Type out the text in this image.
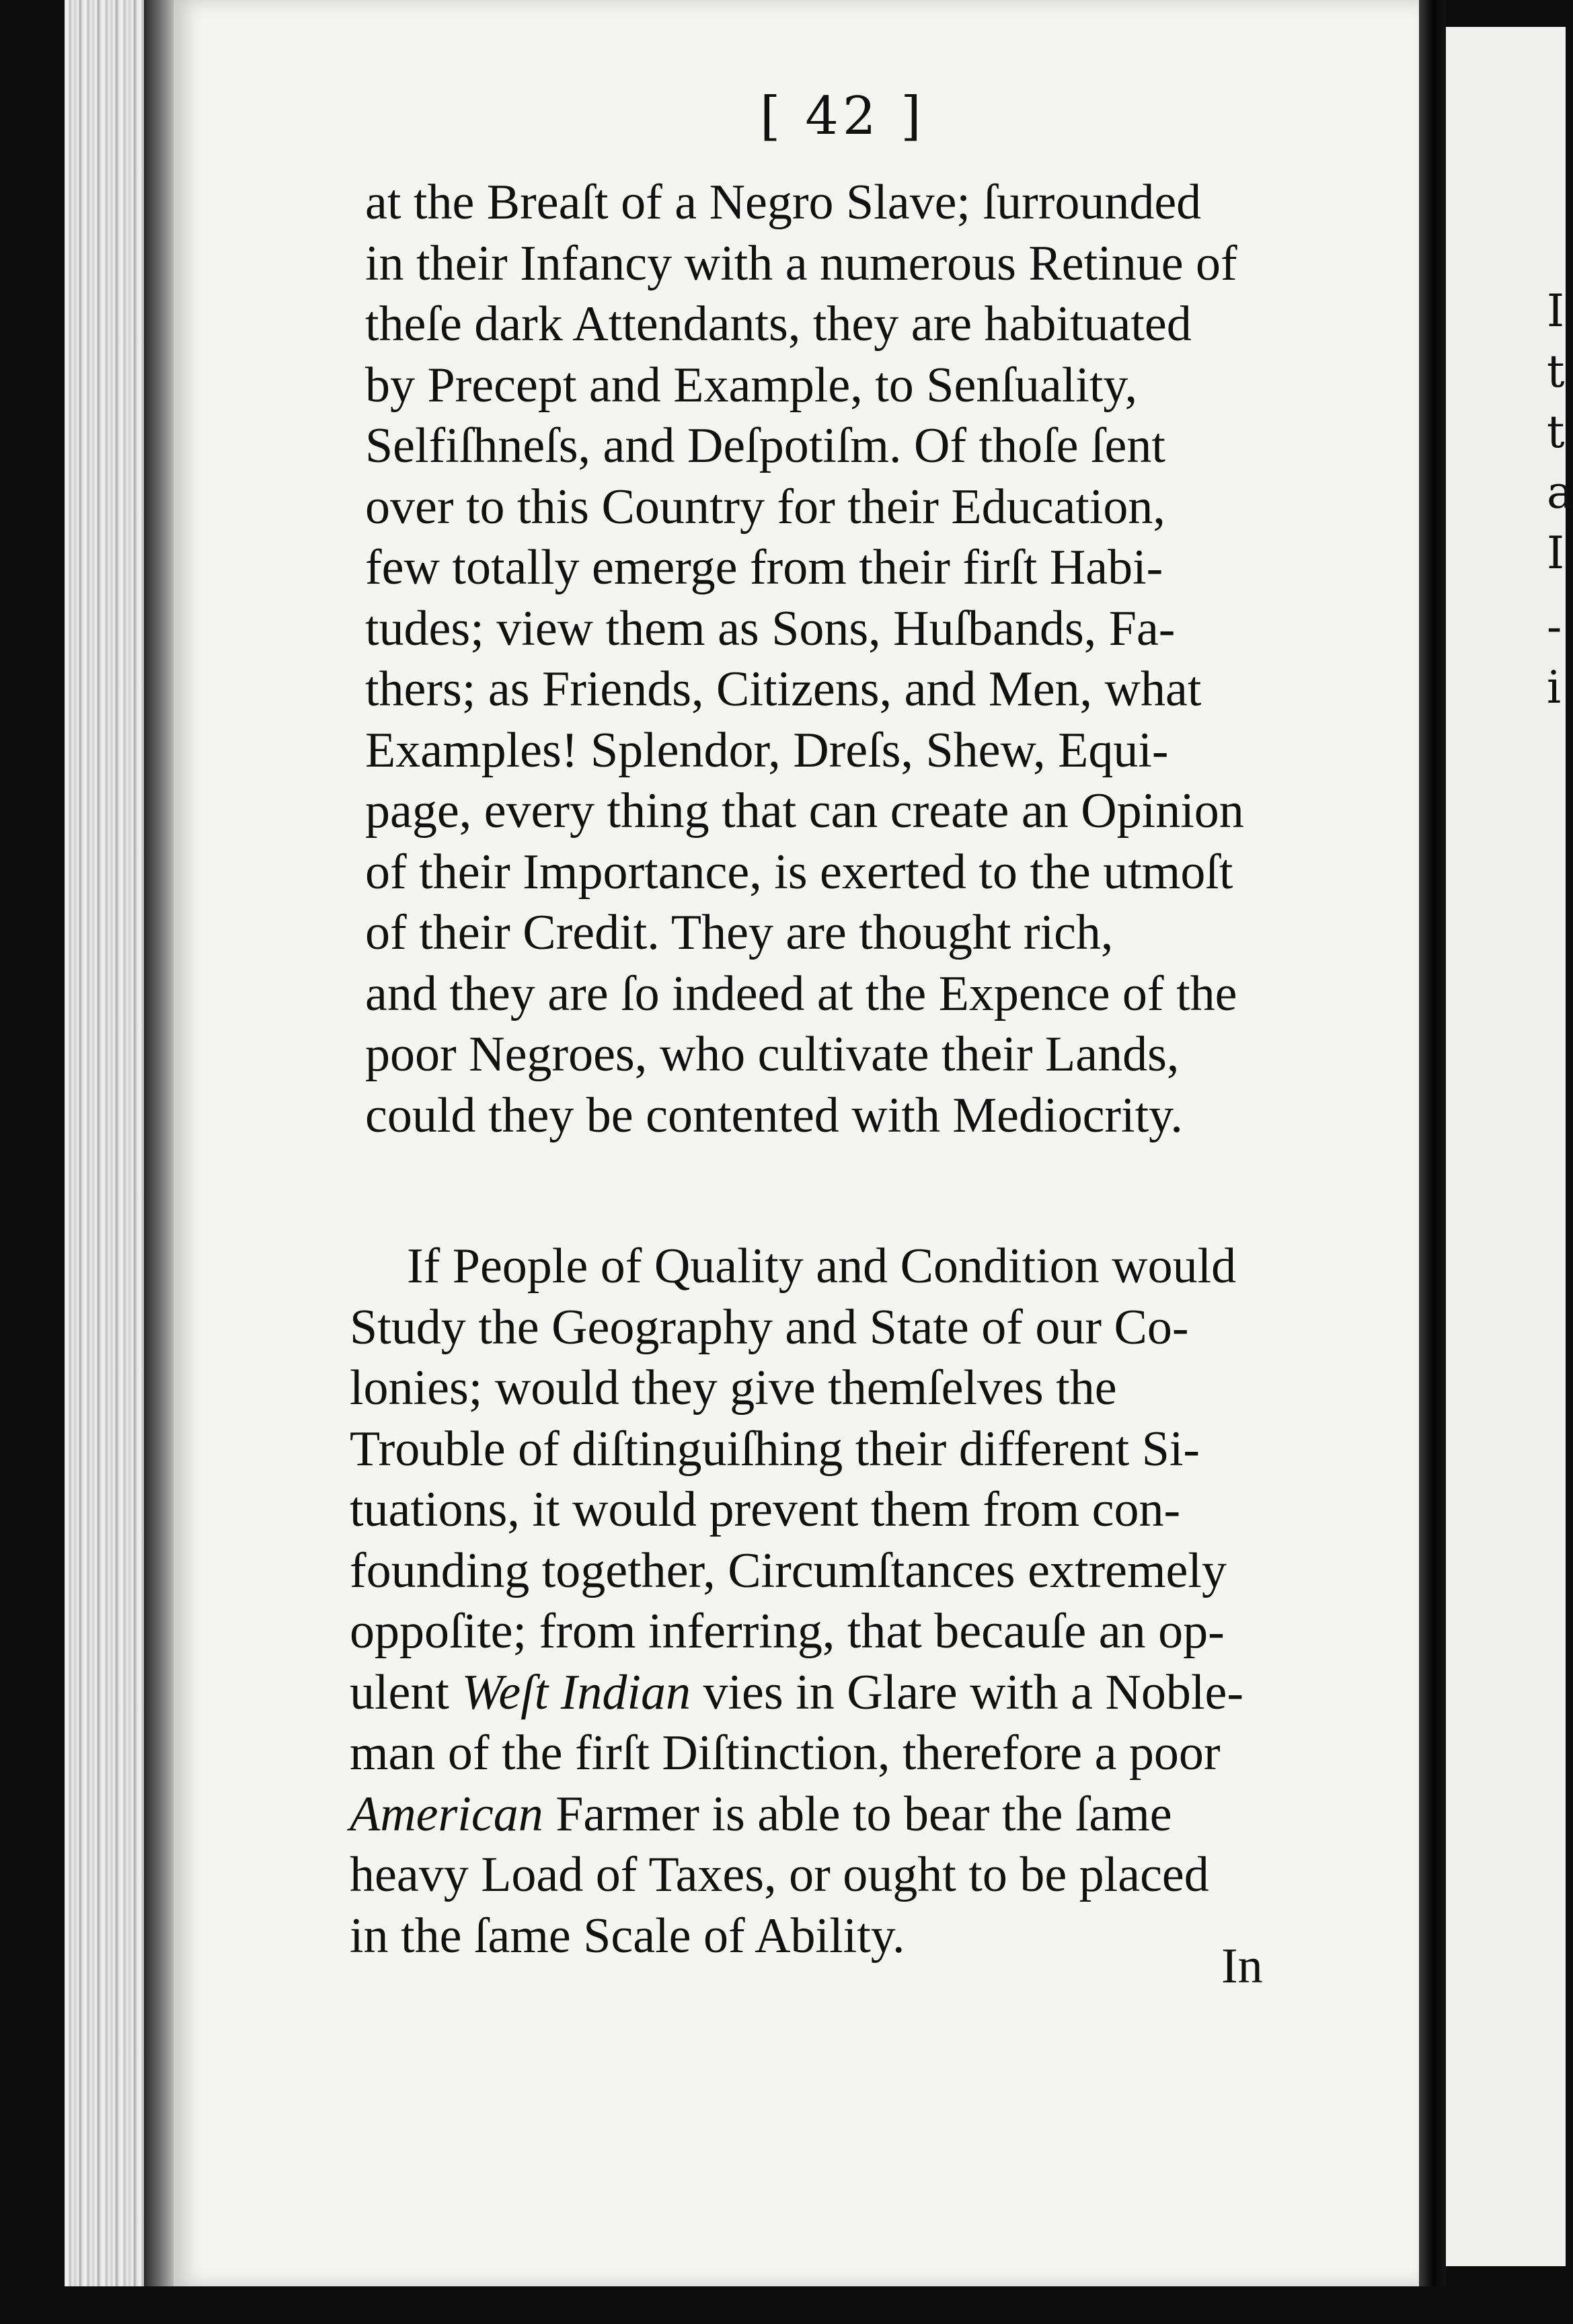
[ 42 ]

at the Breaſt of a Negro Slave; ſurrounded
in their Infancy with a numerous Retinue of
theſe dark Attendants, they are habituated
by Precept and Example, to Senſuality,
Selfiſhneſs, and Deſpotiſm. Of thoſe ſent
over to this Country for their Education,
few totally emerge from their firſt Habi-
tudes; view them as Sons, Huſbands, Fa-
thers; as Friends, Citizens, and Men, what
Examples! Splendor, Dreſs, Shew, Equi-
page, every thing that can create an Opinion
of their Importance, is exerted to the utmoſt
of their Credit. They are thought rich,
and they are ſo indeed at the Expence of the
poor Negroes, who cultivate their Lands,
could they be contented with Mediocrity.

If People of Quality and Condition would
Study the Geography and State of our Co-
lonies; would they give themſelves the
Trouble of diſtinguiſhing their different Si-
tuations, it would prevent them from con-
founding together, Circumſtances extremely
oppoſite; from inferring, that becauſe an op-
ulent Weſt Indian vies in Glare with a Noble-
man of the firſt Diſtinction, therefore a poor
American Farmer is able to bear the ſame
heavy Load of Taxes, or ought to be placed
in the ſame Scale of Ability.

In
I
t
t
a
I
-
i
